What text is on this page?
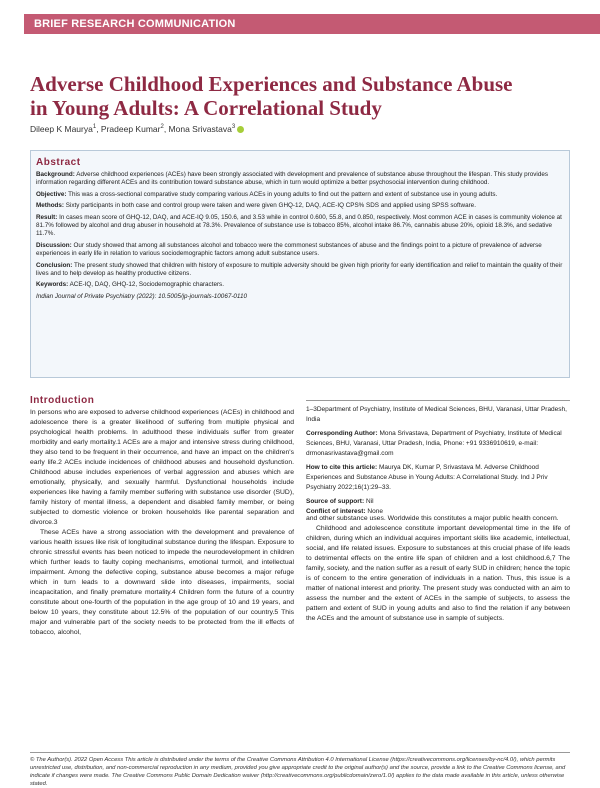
BRIEF RESEARCH COMMUNICATION
Adverse Childhood Experiences and Substance Abuse in Young Adults: A Correlational Study
Dileep K Maurya$^1$, Pradeep Kumar$^2$, Mona Srivastava$^3$
Abstract

Background: Adverse childhood experiences (ACEs) have been strongly associated with development and prevalence of substance abuse throughout the lifespan. This study provides information regarding different ACEs and its contribution toward substance abuse, which in turn would optimize a better psychosocial intervention during childhood.

Objective: This was a cross-sectional comparative study comparing various ACEs in young adults to find out the pattern and extent of substance use in young adults.

Methods: Sixty participants in both case and control group were taken and were given GHQ-12, DAQ, ACE-IQ CPS% SDS and applied using SPSS software.

Result: In cases mean score of GHQ-12, DAQ, and ACE-IQ 9.05, 150.6, and 3.53 while in control 0.600, 55.8, and 0.850, respectively. Most common ACE in cases is community violence at 81.7% followed by alcohol and drug abuser in household at 78.3%. Prevalence of substance use is tobacco 85%, alcohol intake 86.7%, cannabis abuse 20%, opioid 18.3%, and sedative 11.7%.

Discussion: Our study showed that among all substances alcohol and tobacco were the commonest substances of abuse and the findings point to a picture of prevalence of adverse experiences in early life in relation to various sociodemographic factors among adult substance users.

Conclusion: The present study showed that children with history of exposure to multiple adversity should be given high priority for early identification and relief to maintain the quality of their lives and to help develop as healthy productive citizens.

Keywords: ACE-IQ, DAQ, GHQ-12, Sociodemographic characters.

Indian Journal of Private Psychiatry (2022): 10.5005/jp-journals-10067-0110

Introduction

In persons who are exposed to adverse childhood experiences (ACEs) in childhood and adolescence there is a greater likelihood of suffering from multiple physical and psychological health problems. In adulthood these individuals suffer from greater morbidity and early mortality.1 ACEs are a major and intensive stress during childhood, they also tend to be frequent in their occurrence, and have an impact on the children's early life.2 ACEs include incidences of childhood abuses and household dysfunction. Childhood abuse includes experiences of verbal aggression and abuses which are emotionally, physically, and sexually harmful. Dysfunctional households include experiences like having a family member suffering with substance use disorder (SUD), family history of mental illness, a dependent and disabled family member, or being subjected to domestic violence or broken households like parental separation and divorce.3

These ACEs have a strong association with the development and prevalence of various health issues like risk of longitudinal substance during the lifespan. Exposure to chronic stressful events has been noticed to impede the neurodevelopment in children which further leads to faulty coping mechanisms, emotional turmoil, and intellectual impairment. Among the defective coping, substance abuse becomes a major refuge which in turn leads to a downward slide into diseases, impairments, social incapacitation, and finally premature mortality.4 Children form the future of a country constitute about one-fourth of the population in the age group of 10 and 19 years, and below 10 years, they constitute about 12.5% of the population of our country.5 This major and vulnerable part of the society needs to be protected from the ill effects of tobacco, alcohol,

1–3Department of Psychiatry, Institute of Medical Sciences, BHU, Varanasi, Uttar Pradesh, India
Corresponding Author: Mona Srivastava, Department of Psychiatry, Institute of Medical Sciences, BHU, Varanasi, Uttar Pradesh, India, Phone: +91 9336910619, e-mail: drmonasrivastava@gmail.com
How to cite this article: Maurya DK, Kumar P, Srivastava M. Adverse Childhood Experiences and Substance Abuse in Young Adults: A Correlational Study. Ind J Priv Psychiatry 2022;16(1):29–33.
Source of support: Nil
Conflict of interest: None

and other substance uses. Worldwide this constitutes a major public health concern.

Childhood and adolescence constitute important developmental time in the life of children, during which an individual acquires important skills like academic, intellectual, social, and life related issues. Exposure to substances at this crucial phase of life leads to detrimental effects on the entire life span of children and a lost childhood.6,7 The family, society, and the nation suffer as a result of early SUD in children; hence the topic is of concern to the entire generation of individuals in a nation. Thus, this issue is a matter of national interest and priority. The present study was conducted with an aim to assess the number and the extent of ACEs in the sample of subjects, to assess the pattern and extent of SUD in young adults and also to find the relation if any between the ACEs and the amount of substance use in sample of subjects.

© The Author(s). 2022 Open Access This article is distributed under the terms of the Creative Commons Attribution 4.0 International License (https://creativecommons.org/licenses/by-nc/4.0/), which permits unrestricted use, distribution, and non-commercial reproduction in any medium, provided you give appropriate credit to the original author(s) and the source, provide a link to the Creative Commons license, and indicate if changes were made. The Creative Commons Public Domain Dedication waiver (http://creativecommons.org/publicdomain/zero/1.0/) applies to the data made available in this article, unless otherwise stated.
